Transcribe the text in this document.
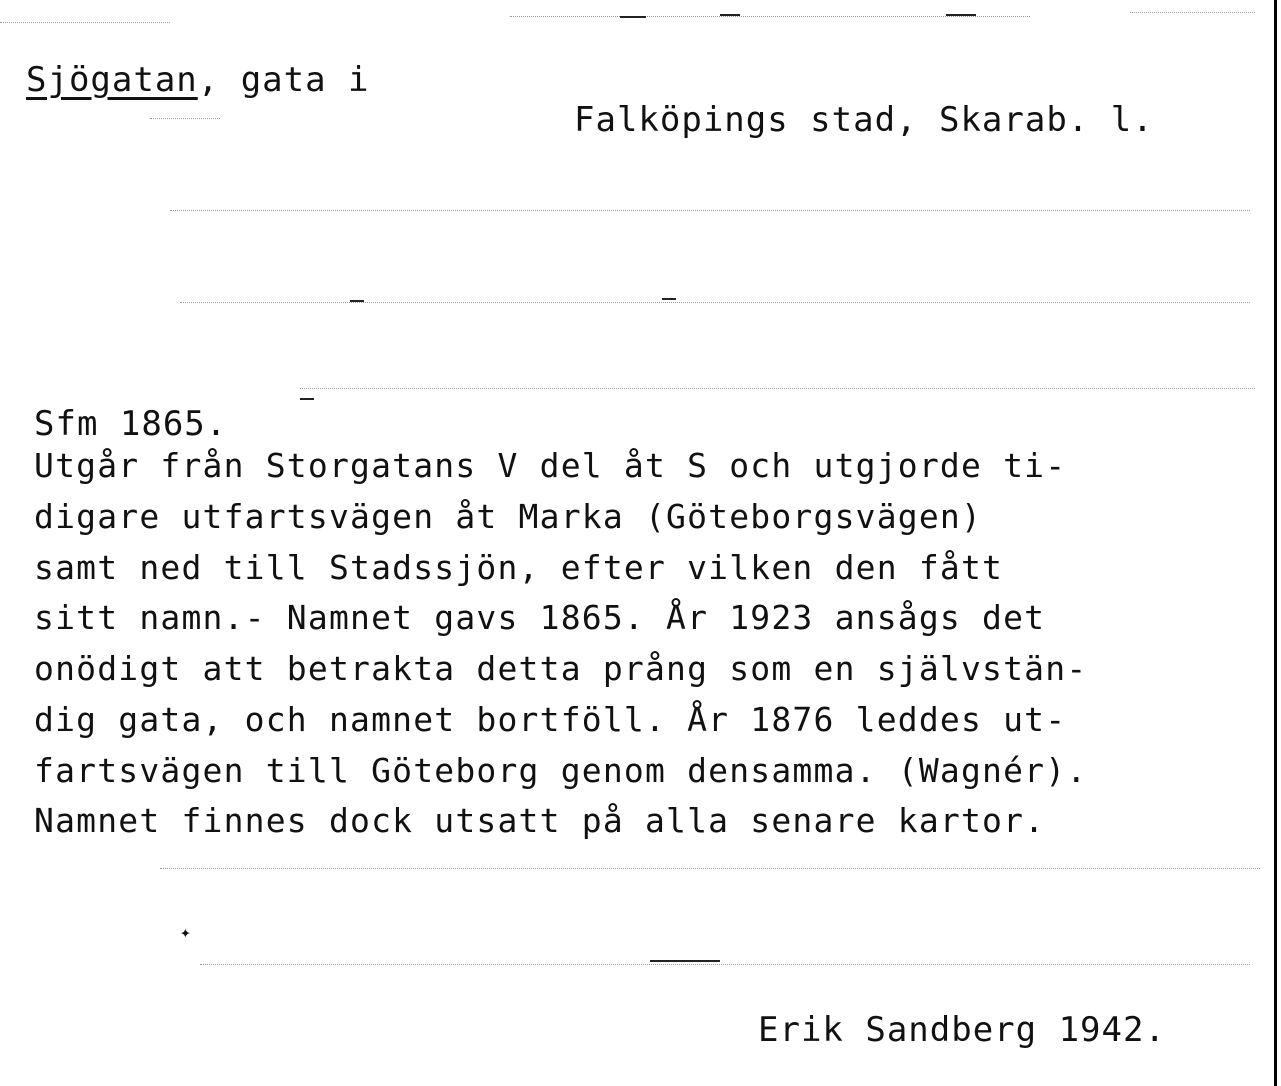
Sjögatan, gata i
Falköpings stad, Skarab. l.
Sfm 1865.
Utgår från Storgatans V del åt S och utgjorde ti-
digare utfartsvägen åt Marka (Göteborgsvägen)
samt ned till Stadssjön, efter vilken den fått
sitt namn.- Namnet gavs 1865. År 1923 ansågs det
onödigt att betrakta detta prång som en självstän-
dig gata, och namnet bortföll. År 1876 leddes ut-
fartsvägen till Göteborg genom densamma. (Wagnér).
Namnet finnes dock utsatt på alla senare kartor.
✦
Erik Sandberg 1942.
